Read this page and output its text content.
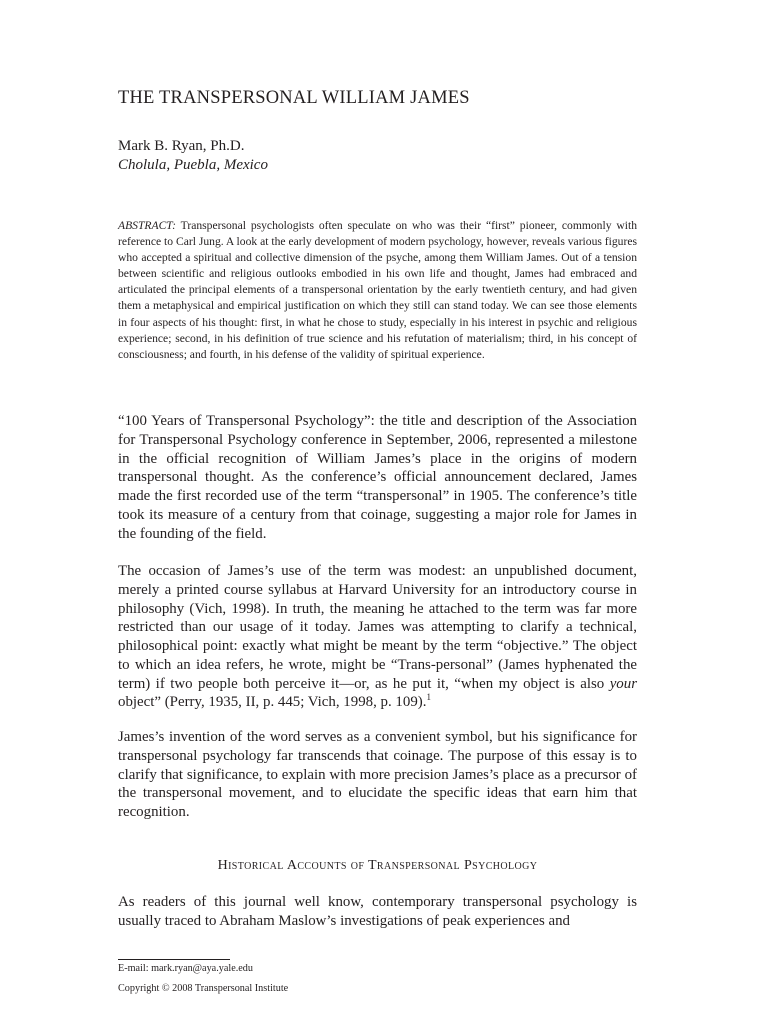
THE TRANSPERSONAL WILLIAM JAMES
Mark B. Ryan, Ph.D.
Cholula, Puebla, Mexico

ABSTRACT: Transpersonal psychologists often speculate on who was their “first” pioneer, commonly with reference to Carl Jung. A look at the early development of modern psychology, however, reveals various figures who accepted a spiritual and collective dimension of the psyche, among them William James. Out of a tension between scientific and religious outlooks embodied in his own life and thought, James had embraced and articulated the principal elements of a transpersonal orientation by the early twentieth century, and had given them a metaphysical and empirical justification on which they still can stand today. We can see those elements in four aspects of his thought: first, in what he chose to study, especially in his interest in psychic and religious experience; second, in his definition of true science and his refutation of materialism; third, in his concept of consciousness; and fourth, in his defense of the validity of spiritual experience.

“100 Years of Transpersonal Psychology”: the title and description of the Association for Transpersonal Psychology conference in September, 2006, represented a milestone in the official recognition of William James’s place in the origins of modern transpersonal thought. As the conference’s official announcement declared, James made the first recorded use of the term “transpersonal” in 1905. The conference’s title took its measure of a century from that coinage, suggesting a major role for James in the founding of the field.

The occasion of James’s use of the term was modest: an unpublished document, merely a printed course syllabus at Harvard University for an introductory course in philosophy (Vich, 1998). In truth, the meaning he attached to the term was far more restricted than our usage of it today. James was attempting to clarify a technical, philosophical point: exactly what might be meant by the term “objective.” The object to which an idea refers, he wrote, might be “Trans-personal” (James hyphenated the term) if two people both perceive it—or, as he put it, “when my object is also your object” (Perry, 1935, II, p. 445; Vich, 1998, p. 109).$^1$

James’s invention of the word serves as a convenient symbol, but his significance for transpersonal psychology far transcends that coinage. The purpose of this essay is to clarify that significance, to explain with more precision James’s place as a precursor of the transpersonal movement, and to elucidate the specific ideas that earn him that recognition.

Historical Accounts of Transpersonal Psychology

As readers of this journal well know, contemporary transpersonal psychology is usually traced to Abraham Maslow’s investigations of peak experiences and

E-mail: mark.ryan@aya.yale.edu
Copyright © 2008 Transpersonal Institute
